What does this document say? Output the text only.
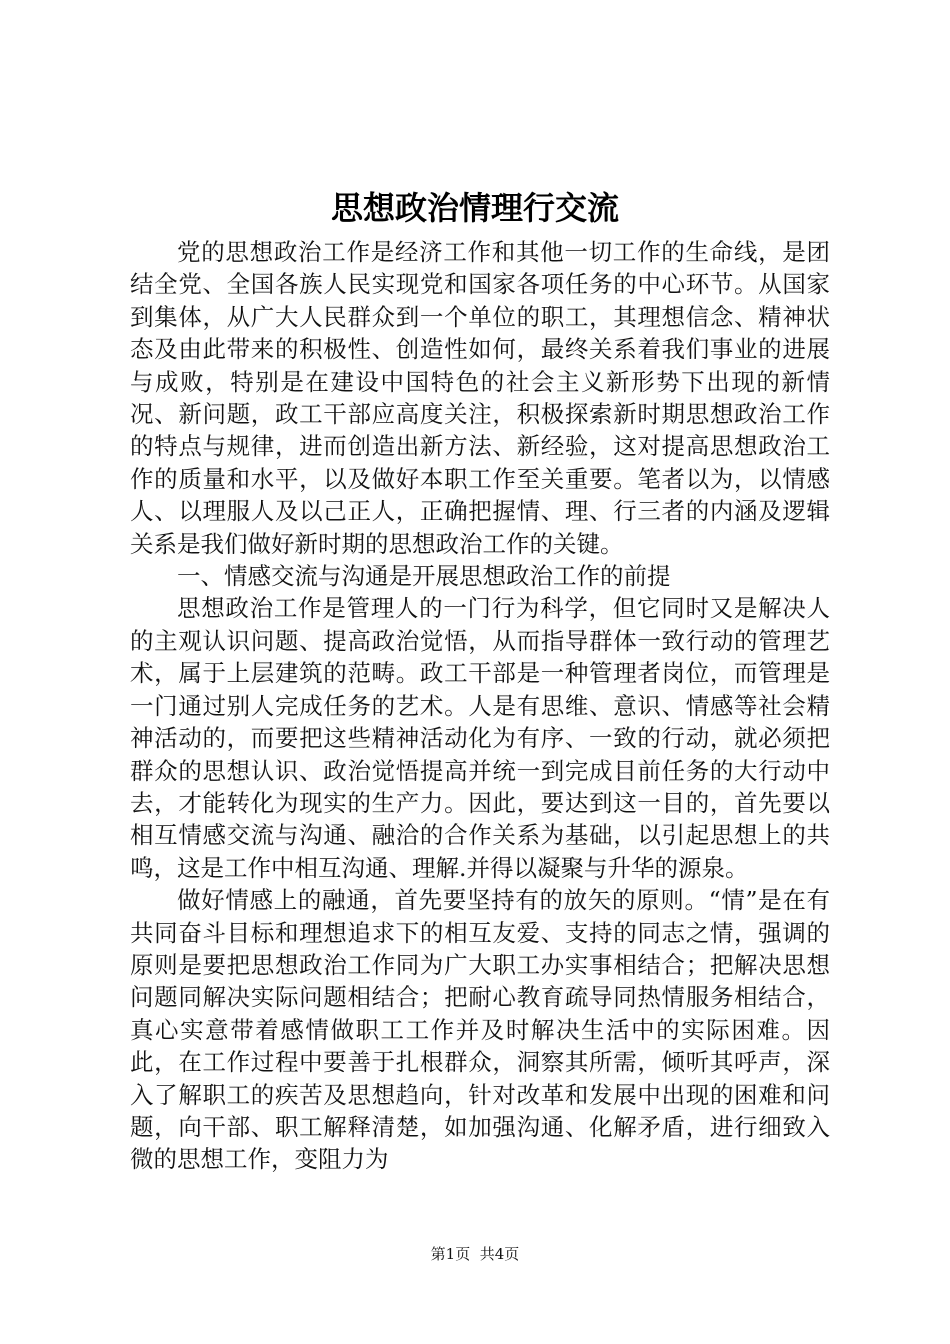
思想政治情理行交流

党的思想政治工作是经济工作和其他一切工作的生命线，是团结全党、全国各族人民实现党和国家各项任务的中心环节。从国家到集体，从广大人民群众到一个单位的职工，其理想信念、精神状态及由此带来的积极性、创造性如何，最终关系着我们事业的进展与成败，特别是在建设中国特色的社会主义新形势下出现的新情况、新问题，政工干部应高度关注，积极探索新时期思想政治工作的特点与规律，进而创造出新方法、新经验，这对提高思想政治工作的质量和水平，以及做好本职工作至关重要。笔者以为，以情感人、以理服人及以己正人，正确把握情、理、行三者的内涵及逻辑关系是我们做好新时期的思想政治工作的关键。

一、情感交流与沟通是开展思想政治工作的前提

思想政治工作是管理人的一门行为科学，但它同时又是解决人的主观认识问题、提高政治觉悟，从而指导群体一致行动的管理艺术，属于上层建筑的范畴。政工干部是一种管理者岗位，而管理是一门通过别人完成任务的艺术。人是有思维、意识、情感等社会精神活动的，而要把这些精神活动化为有序、一致的行动，就必须把群众的思想认识、政治觉悟提高并统一到完成目前任务的大行动中去，才能转化为现实的生产力。因此，要达到这一目的，首先要以相互情感交流与沟通、融洽的合作关系为基础，以引起思想上的共鸣，这是工作中相互沟通、理解.并得以凝聚与升华的源泉。

做好情感上的融通，首先要坚持有的放矢的原则。“情”是在有共同奋斗目标和理想追求下的相互友爱、支持的同志之情，强调的原则是要把思想政治工作同为广大职工办实事相结合；把解决思想问题同解决实际问题相结合；把耐心教育疏导同热情服务相结合，真心实意带着感情做职工工作并及时解决生活中的实际困难。因此，在工作过程中要善于扎根群众，洞察其所需，倾听其呼声，深入了解职工的疾苦及思想趋向，针对改革和发展中出现的困难和问题，向干部、职工解释清楚，如加强沟通、化解矛盾，进行细致入微的思想工作，变阻力为

第1页 共4页
